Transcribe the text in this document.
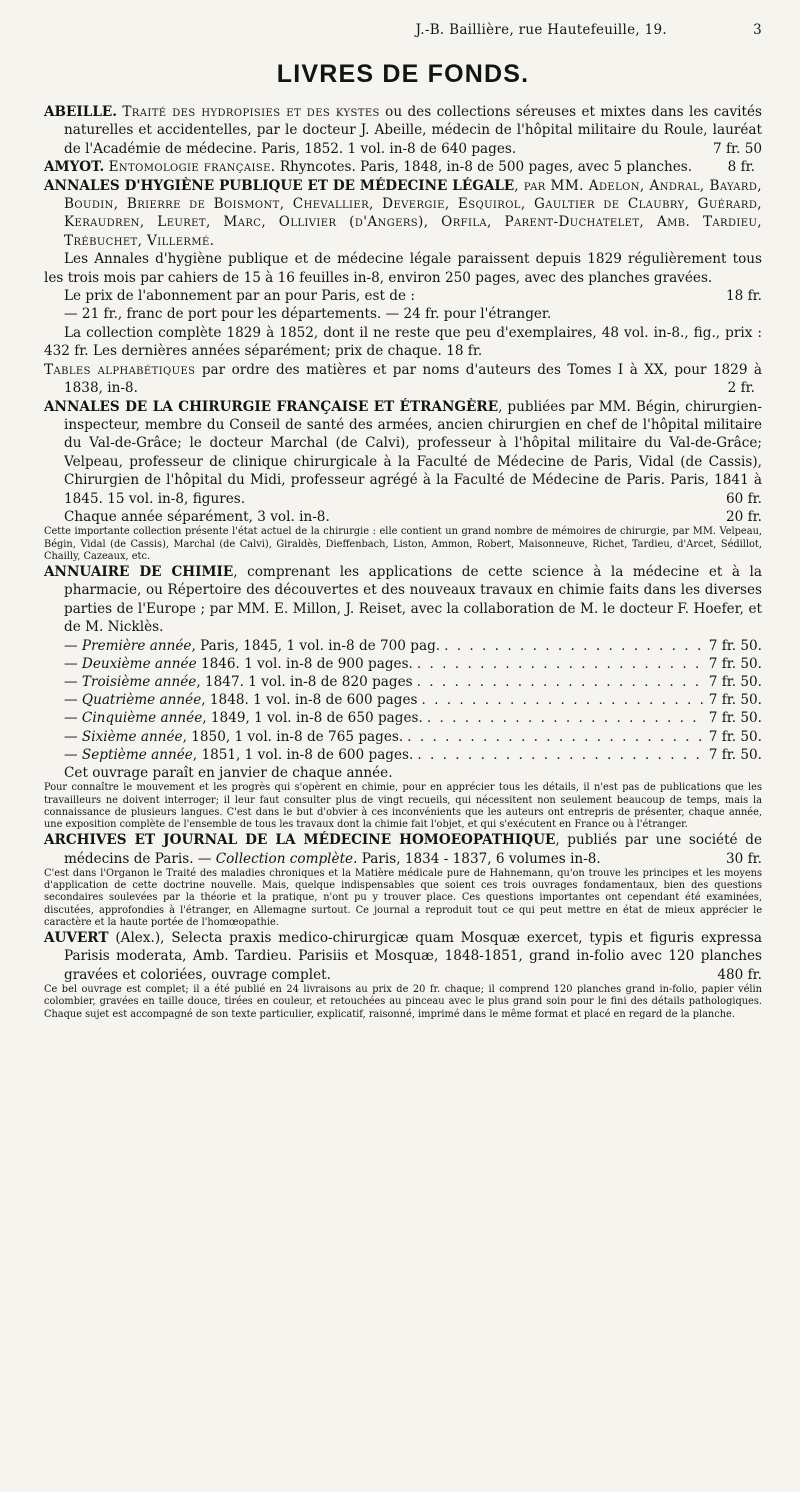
J.-B. Baillière, rue Hautefeuille, 19.	3
LIVRES DE FONDS.

ABEILLE. Traité des hydropisies et des kystes ou des collections séreuses et mixtes dans les cavités naturelles et accidentelles, par le docteur J. Abeille, médecin de l'hôpital militaire du Roule, lauréat de l'Académie de médecine. Paris, 1852. 1 vol. in-8 de 640 pages.	7 fr. 50

AMYOT. Entomologie française. Rhyncotes. Paris, 1848, in-8 de 500 pages, avec 5 planches.	8 fr.

ANNALES D'HYGIÈNE PUBLIQUE ET DE MÉDECINE LÉGALE, par MM. Adelon, Andral, Bayard, Boudin, Brierre de Boismont, Chevallier, Devergie, Esquirol, Gaultier de Claubry, Guérard, Keraudren, Leuret, Marc, Ollivier (d'Angers), Orfila, Parent-Duchatelet, Amb. Tardieu, Trébuchet, Villermé.

Les Annales d'hygiène publique et de médecine légale paraissent depuis 1829 régulièrement tous les trois mois par cahiers de 15 à 16 feuilles in-8, environ 250 pages, avec des planches gravées.

Le prix de l'abonnement par an pour Paris, est de :	18 fr.

— 21 fr., franc de port pour les départements. — 24 fr. pour l'étranger.

La collection complète 1829 à 1852, dont il ne reste que peu d'exemplaires, 48 vol. in-8., fig., prix : 432 fr. Les dernières années séparément; prix de chaque. 18 fr.

Tables alphabétiques par ordre des matières et par noms d'auteurs des Tomes I à XX, pour 1829 à 1838, in-8.	2 fr.

ANNALES DE LA CHIRURGIE FRANÇAISE ET ÉTRANGÈRE, publiées par MM. Bégin, chirurgien-inspecteur, membre du Conseil de santé des armées, ancien chirurgien en chef de l'hôpital militaire du Val-de-Grâce; le docteur Marchal (de Calvi), professeur à l'hôpital militaire du Val-de-Grâce; Velpeau, professeur de clinique chirurgicale à la Faculté de Médecine de Paris, Vidal (de Cassis), Chirurgien de l'hôpital du Midi, professeur agrégé à la Faculté de Médecine de Paris. Paris, 1841 à 1845. 15 vol. in-8, figures.	60 fr.

Chaque année séparément, 3 vol. in-8.	20 fr.

Cette importante collection présente l'état actuel de la chirurgie : elle contient un grand nombre de mémoires de chirurgie, par MM. Velpeau, Bégin, Vidal (de Cassis), Marchal (de Calvi), Giraldès, Dieffenbach, Liston, Ammon, Robert, Maisonneuve, Richet, Tardieu, d'Arcet, Sédillot, Chailly, Cazeaux, etc.

ANNUAIRE DE CHIMIE, comprenant les applications de cette science à la médecine et à la pharmacie, ou Répertoire des découvertes et des nouveaux travaux en chimie faits dans les diverses parties de l'Europe ; par MM. E. Millon, J. Reiset, avec la collaboration de M. le docteur F. Hoefer, et de M. Nicklès.

— Première année, Paris, 1845, 1 vol. in-8 de 700 pag. . . .	7 fr. 50.
— Deuxième année 1846. 1 vol. in-8 de 900 pages. . . .	7 fr. 50.
— Troisième année, 1847. 1 vol. in-8 de 820 pages . . .	7 fr. 50.
— Quatrième année, 1848. 1 vol. in-8 de 600 pages . . .	7 fr. 50.
— Cinquième année, 1849, 1 vol. in-8 de 650 pages. . . .	7 fr. 50.
— Sixième année, 1850, 1 vol. in-8 de 765 pages. . . .	7 fr. 50.
— Septième année, 1851, 1 vol. in-8 de 600 pages. . . .	7 fr. 50.

Cet ouvrage paraît en janvier de chaque année.

Pour connaître le mouvement et les progrès qui s'opèrent en chimie, pour en apprécier tous les détails, il n'est pas de publications que les travailleurs ne doivent interroger; il leur faut consulter plus de vingt recueils, qui nécessitent non seulement beaucoup de temps, mais la connaissance de plusieurs langues. C'est dans le but d'obvier à ces inconvénients que les auteurs ont entrepris de présenter, chaque année, une exposition complète de l'ensemble de tous les travaux dont la chimie fait l'objet, et qui s'exécutent en France ou à l'étranger.

ARCHIVES ET JOURNAL DE LA MÉDECINE HOMOEOPATHIQUE, publiés par une société de médecins de Paris. — Collection complète. Paris, 1834 - 1837, 6 volumes in-8.	30 fr.

C'est dans l'Organon le Traité des maladies chroniques et la Matière médicale pure de Hahnemann, qu'on trouve les principes et les moyens d'application de cette doctrine nouvelle. Mais, quelque indispensables que soient ces trois ouvrages fondamentaux, bien des questions secondaires soulevées par la théorie et la pratique, n'ont pu y trouver place. Ces questions importantes ont cependant été examinées, discutées, approfondies à l'étranger, en Allemagne surtout. Ce journal a reproduit tout ce qui peut mettre en état de mieux apprécier le caractère et la haute portée de l'homœopathie.

AUVERT (Alex.), Selecta praxis medico-chirurgicæ quam Mosquæ exercet, typis et figuris expressa Parisis moderata, Amb. Tardieu. Parisiis et Mosquæ, 1848-1851, grand in-folio avec 120 planches gravées et coloriées, ouvrage complet.	480 fr.

Ce bel ouvrage est complet; il a été publié en 24 livraisons au prix de 20 fr. chaque; il comprend 120 planches grand in-folio, papier vélin colombier, gravées en taille douce, tirées en couleur, et retouchées au pinceau avec le plus grand soin pour le fini des détails pathologiques. Chaque sujet est accompagné de son texte particulier, explicatif, raisonné, imprimé dans le même format et placé en regard de la planche.
